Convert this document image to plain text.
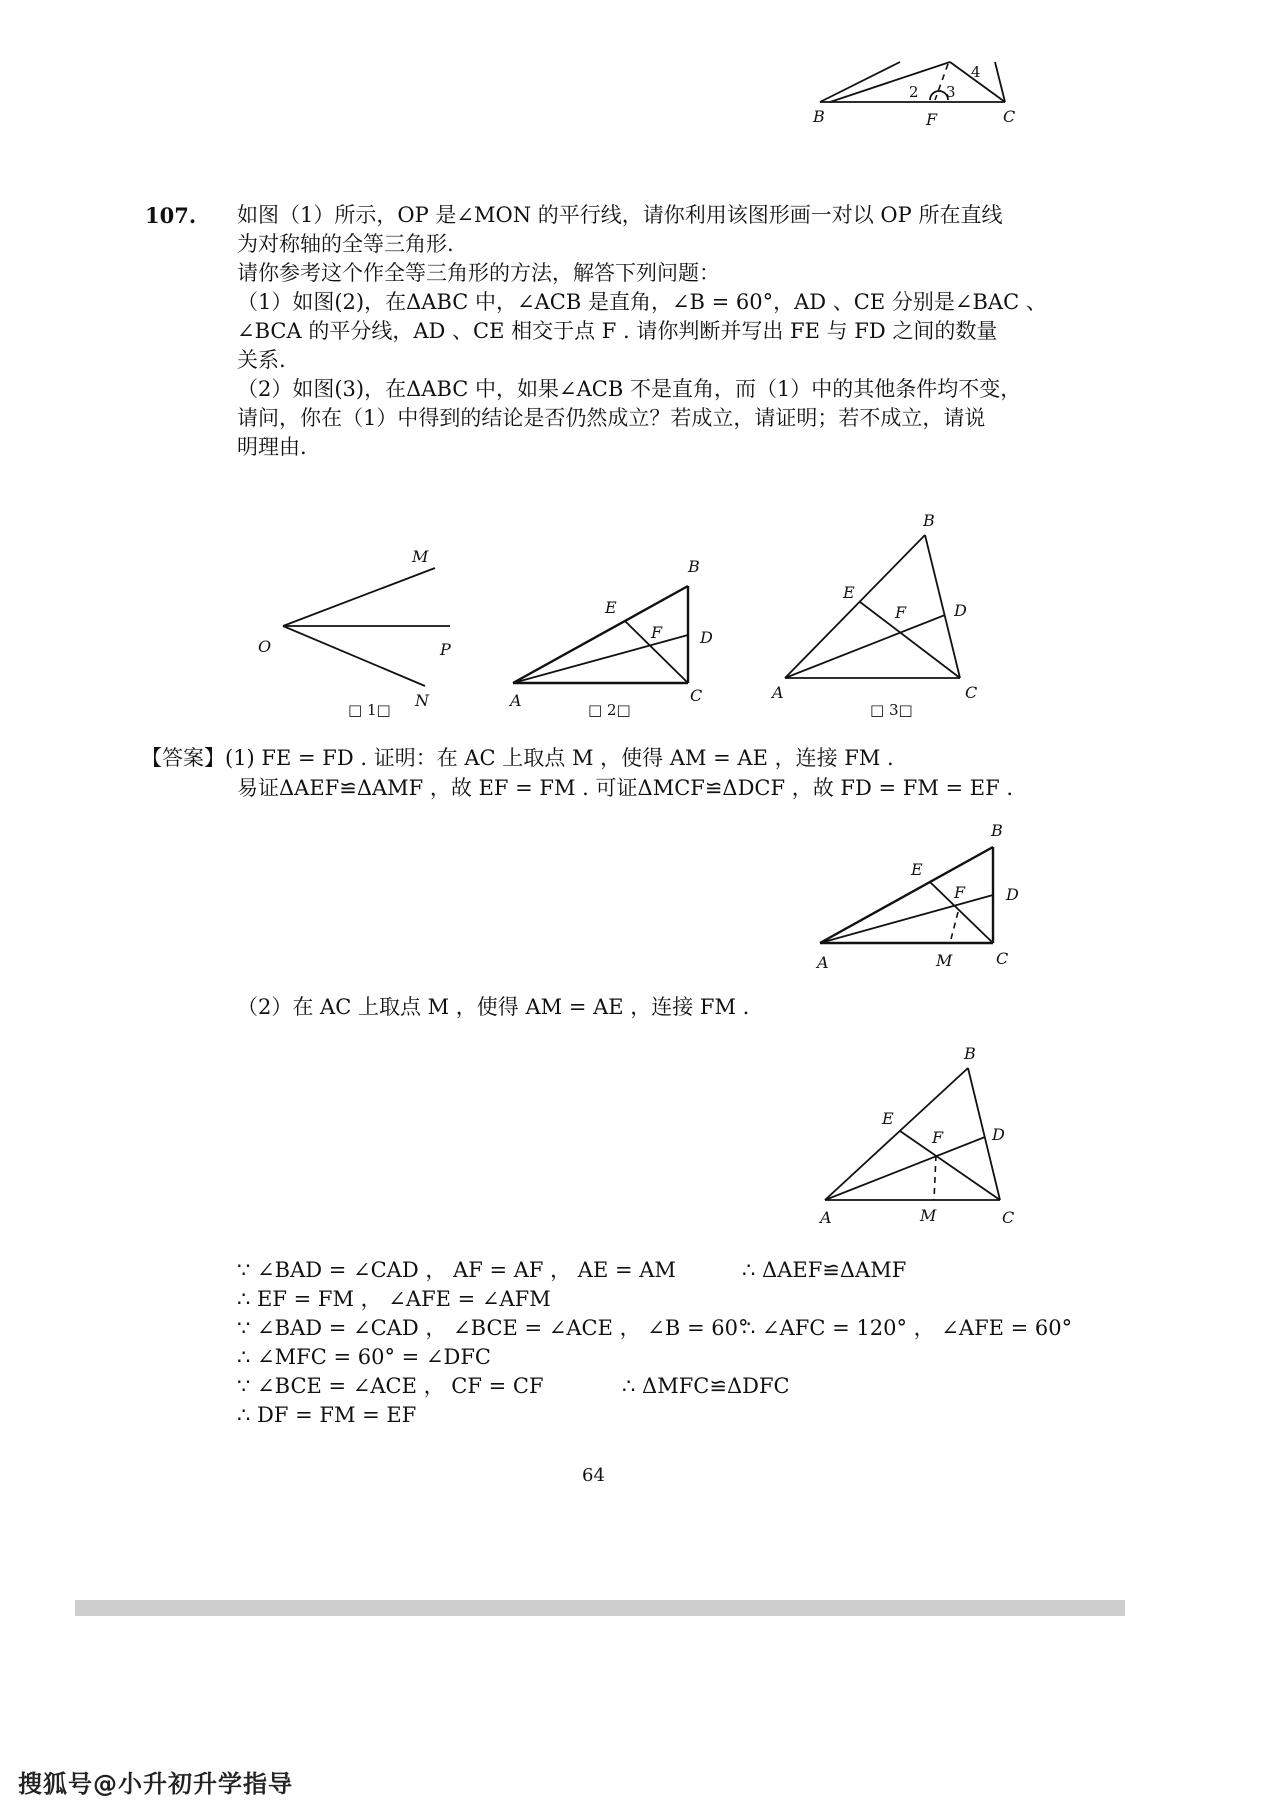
B	F	C
2 3
4
107. 如图（1）所示，OP 是∠MON 的平行线，请你利用该图形画一对以 OP 所在直线
为对称轴的全等三角形.
请你参考这个作全等三角形的方法，解答下列问题：
（1）如图(2)，在ΔABC 中，∠ACB 是直角，∠B = 60°，AD 、CE 分别是∠BAC 、
∠BCA 的平分线，AD 、CE 相交于点 F . 请你判断并写出 FE 与 FD 之间的数量
关系.
（2）如图(3)，在ΔABC 中，如果∠ACB 不是直角，而（1）中的其他条件均不变，
请问，你在（1）中得到的结论是否仍然成立？若成立，请证明；若不成立，请说
明理由.
M
O	P
N
□ 1□
B
E
F D
A	C
□ 2□
B
E
F	D
A	C
□ 3□
【答案】(1) FE = FD . 证明：在 AC 上取点 M ，使得 AM = AE ，连接 FM .
易证ΔAEF≌ΔAMF ，故 EF = FM . 可证ΔMCF≌ΔDCF ，故 FD = FM = EF .
B
E
F	D
A	M	C
（2）在 AC 上取点 M ，使得 AM = AE ，连接 FM .
B
E
F	D
A	M	C
∵ ∠BAD = ∠CAD ， AF = AF ， AE = AM	∴ ΔAEF≌ΔAMF
∴ EF = FM ， ∠AFE = ∠AFM
∵ ∠BAD = ∠CAD ， ∠BCE = ∠ACE ， ∠B = 60°
∴ ∠AFC = 120° ， ∠AFE = 60°
∴ ∠MFC = 60° = ∠DFC
∵ ∠BCE = ∠ACE ， CF = CF	∴ ΔMFC≌ΔDFC
∴ DF = FM = EF
64
搜狐号@小升初升学指导
